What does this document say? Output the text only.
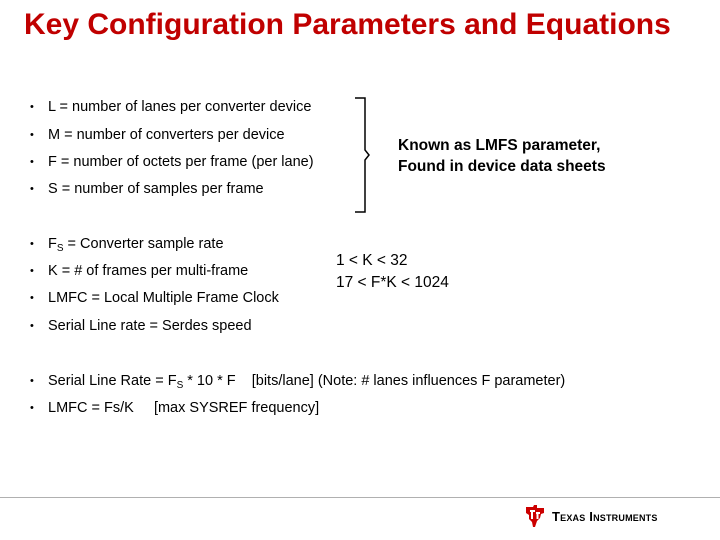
Key Configuration Parameters and Equations
• L = number of lanes per converter device
• M = number of converters per device
• F = number of octets per frame (per lane)
• S = number of samples per frame
Known as LMFS parameter,
Found in device data sheets
• $F_S$ = Converter sample rate
• K = # of frames per multi-frame
• LMFC = Local Multiple Frame Clock
• Serial Line rate = Serdes speed
1 < K < 32
17 < F*K < 1024
• Serial Line Rate = $F_S * 10$ * F    [bits/lane] (Note: # lanes influences F parameter)
• LMFC = Fs/K     [max SYSREF frequency]
Texas Instruments
